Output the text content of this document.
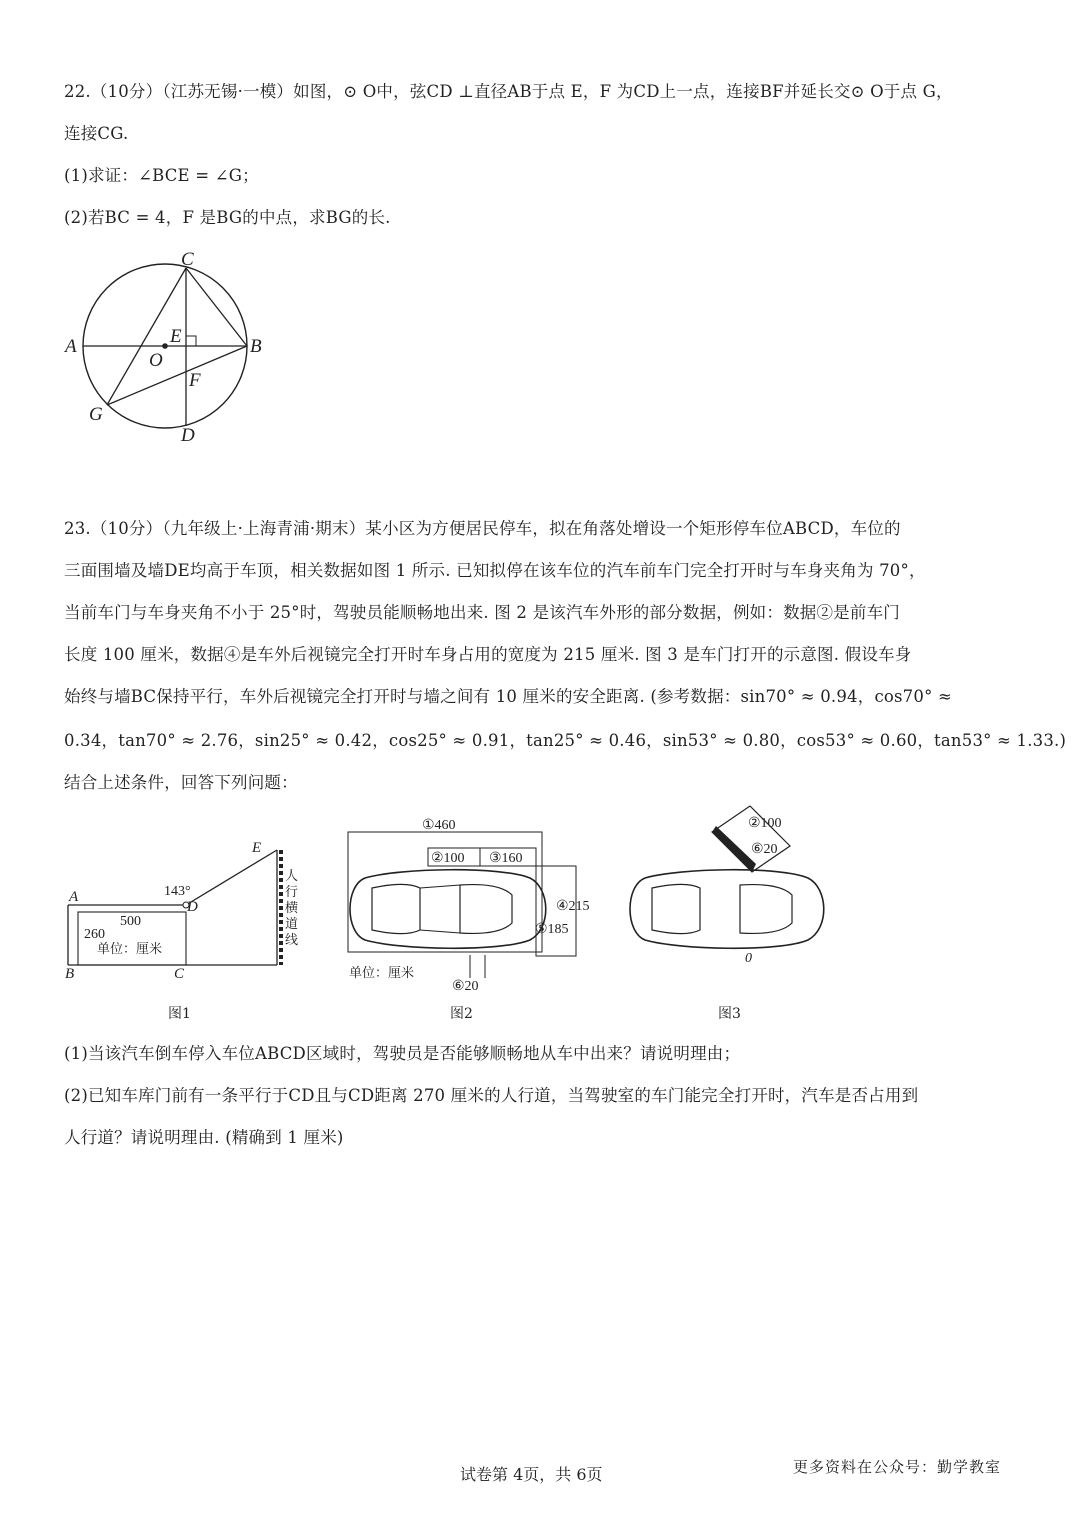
22.（10分）（江苏无锡·一模）如图，⊙ O中，弦CD ⊥直径AB于点 E，F 为CD上一点，连接BF并延长交⊙ O于点 G，
连接CG.
(1)求证：∠BCE = ∠G；
(2)若BC = 4，F 是BG的中点，求BG的长.
C
A	B
E
O
F
G
D
23.（10分）（九年级上·上海青浦·期末）某小区为方便居民停车，拟在角落处增设一个矩形停车位ABCD，车位的
三面围墙及墙DE均高于车顶，相关数据如图 1 所示. 已知拟停在该车位的汽车前车门完全打开时与车身夹角为 70°，
当前车门与车身夹角不小于 25°时，驾驶员能顺畅地出来. 图 2 是该汽车外形的部分数据，例如：数据②是前车门
长度 100 厘米，数据④是车外后视镜完全打开时车身占用的宽度为 215 厘米. 图 3 是车门打开的示意图. 假设车身
始终与墙BC保持平行，车外后视镜完全打开时与墙之间有 10 厘米的安全距离. (参考数据：sin70° ≈ 0.94，cos70° ≈
0.34，tan70° ≈ 2.76，sin25° ≈ 0.42，cos25° ≈ 0.91，tan25° ≈ 0.46，sin53° ≈ 0.80，cos53° ≈ 0.60，tan53° ≈ 1.33.)
结合上述条件，回答下列问题：
A
B	C
D
E
143°
500
260
单位：厘米
人
行
横
道
线
图1
①460
②100 ③160
④215
⑤185
⑥20
单位：厘米
图2
②100
⑥20
0
图3
(1)当该汽车倒车停入车位ABCD区域时，驾驶员是否能够顺畅地从车中出来？请说明理由；
(2)已知车库门前有一条平行于CD且与CD距离 270 厘米的人行道，当驾驶室的车门能完全打开时，汽车是否占用到
人行道？请说明理由. (精确到 1 厘米)
试卷第 4页，共 6页	更多资料在公众号：勤学教室
